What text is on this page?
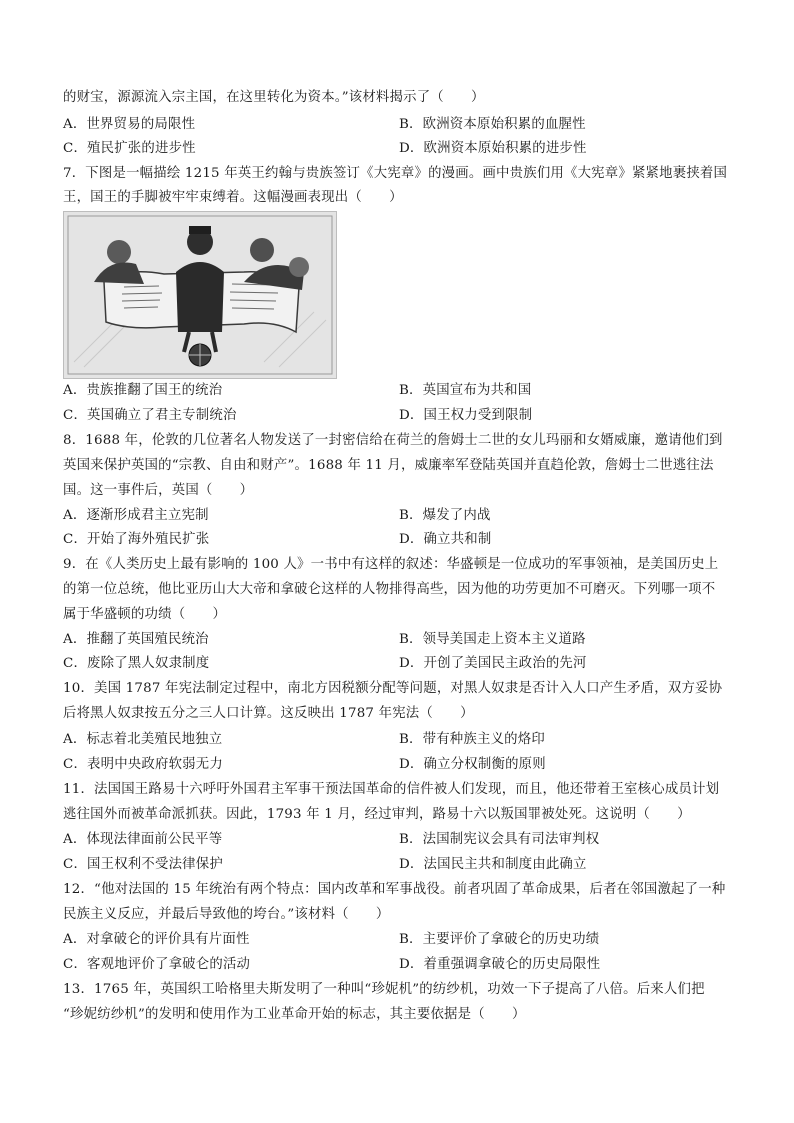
的财宝，源源流入宗主国，在这里转化为资本。”该材料揭示了（　　）
A．世界贸易的局限性	B．欧洲资本原始积累的血腥性
C．殖民扩张的进步性	D．欧洲资本原始积累的进步性
7．下图是一幅描绘 1215 年英王约翰与贵族签订《大宪章》的漫画。画中贵族们用《大宪章》紧紧地裹挟着国
王，国王的手脚被牢牢束缚着。这幅漫画表现出（　　）
A．贵族推翻了国王的统治	B．英国宣布为共和国
C．英国确立了君主专制统治	D．国王权力受到限制
8．1688 年，伦敦的几位著名人物发送了一封密信给在荷兰的詹姆士二世的女儿玛丽和女婿威廉，邀请他们到
英国来保护英国的“宗教、自由和财产”。1688 年 11 月，威廉率军登陆英国并直趋伦敦，詹姆士二世逃往法
国。这一事件后，英国（　　）
A．逐渐形成君主立宪制	B．爆发了内战
C．开始了海外殖民扩张	D．确立共和制
9．在《人类历史上最有影响的 100 人》一书中有这样的叙述：华盛顿是一位成功的军事领袖，是美国历史上
的第一位总统，他比亚历山大大帝和拿破仑这样的人物排得高些，因为他的功劳更加不可磨灭。下列哪一项不
属于华盛顿的功绩（　　）
A．推翻了英国殖民统治	B．领导美国走上资本主义道路
C．废除了黑人奴隶制度	D．开创了美国民主政治的先河
10．美国 1787 年宪法制定过程中，南北方因税额分配等问题，对黑人奴隶是否计入人口产生矛盾，双方妥协
后将黑人奴隶按五分之三人口计算。这反映出 1787 年宪法（　　）
A．标志着北美殖民地独立	B．带有种族主义的烙印
C．表明中央政府软弱无力	D．确立分权制衡的原则
11．法国国王路易十六呼吁外国君主军事干预法国革命的信件被人们发现，而且，他还带着王室核心成员计划
逃往国外而被革命派抓获。因此，1793 年 1 月，经过审判，路易十六以叛国罪被处死。这说明（　　）
A．体现法律面前公民平等	B．法国制宪议会具有司法审判权
C．国王权利不受法律保护	D．法国民主共和制度由此确立
12．“他对法国的 15 年统治有两个特点：国内改革和军事战役。前者巩固了革命成果，后者在邻国激起了一种
民族主义反应，并最后导致他的垮台。”该材料（　　）
A．对拿破仑的评价具有片面性	B．主要评价了拿破仑的历史功绩
C．客观地评价了拿破仑的活动	D．着重强调拿破仑的历史局限性
13．1765 年，英国织工哈格里夫斯发明了一种叫“珍妮机”的纺纱机，功效一下子提高了八倍。后来人们把
“珍妮纺纱机”的发明和使用作为工业革命开始的标志，其主要依据是（　　）
